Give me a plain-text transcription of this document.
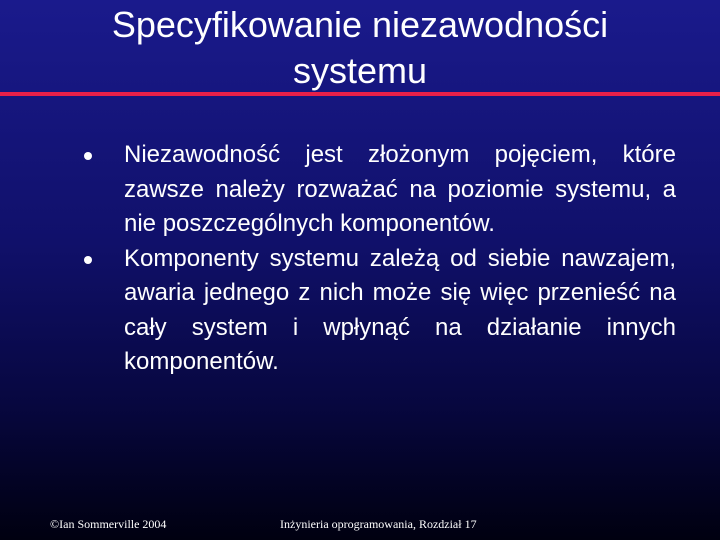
Specyfikowanie niezawodności
systemu
Niezawodność jest złożonym pojęciem, które zawsze należy rozważać na poziomie systemu, a nie poszczególnych komponentów.
Komponenty systemu zależą od siebie nawzajem, awaria jednego z nich może się więc przenieść na cały system i wpłynąć na działanie innych komponentów.
©Ian Sommerville 2004	Inżynieria oprogramowania, Rozdział 17
